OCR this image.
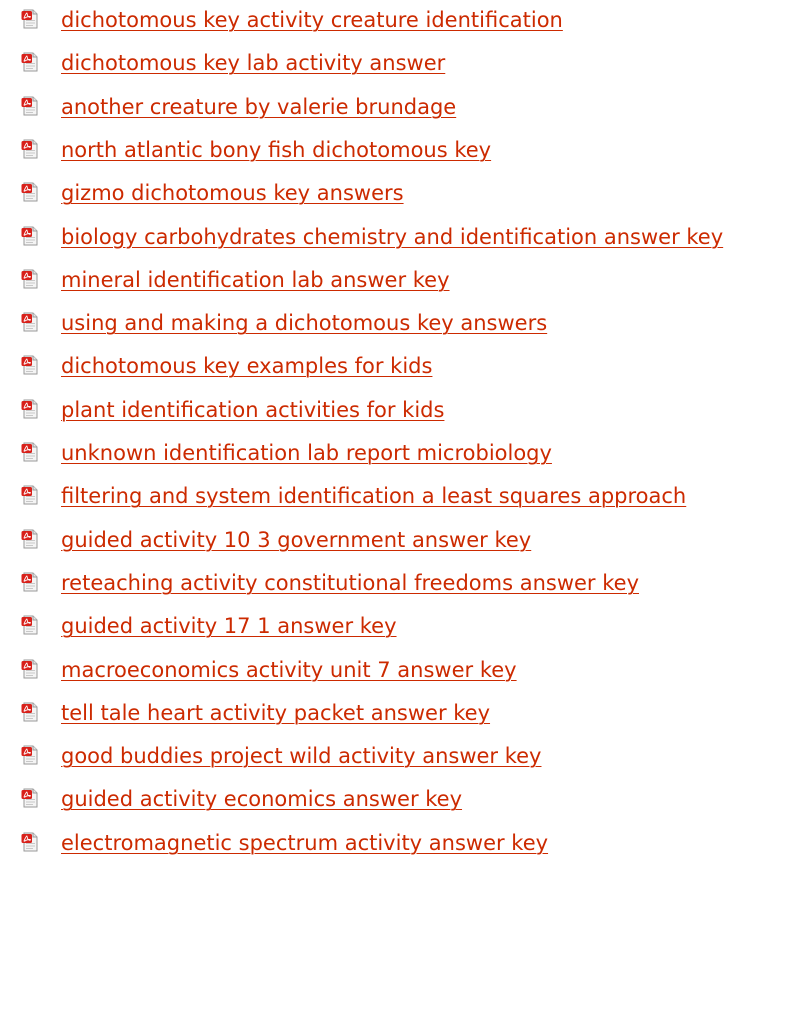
dichotomous key activity creature identification
dichotomous key lab activity answer
another creature by valerie brundage
north atlantic bony fish dichotomous key
gizmo dichotomous key answers
biology carbohydrates chemistry and identification answer key
mineral identification lab answer key
using and making a dichotomous key answers
dichotomous key examples for kids
plant identification activities for kids
unknown identification lab report microbiology
filtering and system identification a least squares approach
guided activity 10 3 government answer key
reteaching activity constitutional freedoms answer key
guided activity 17 1 answer key
macroeconomics activity unit 7 answer key
tell tale heart activity packet answer key
good buddies project wild activity answer key
guided activity economics answer key
electromagnetic spectrum activity answer key
